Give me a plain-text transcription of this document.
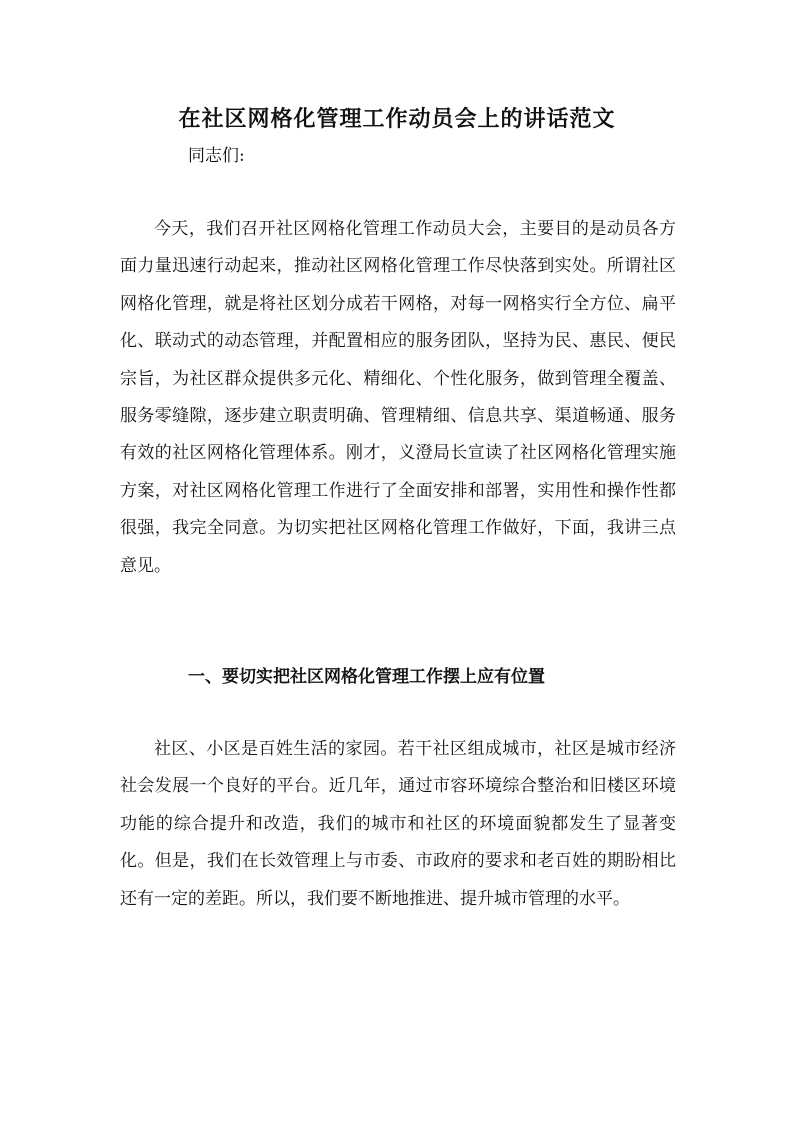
在社区网格化管理工作动员会上的讲话范文

同志们:

今天，我们召开社区网格化管理工作动员大会，主要目的是动员各方面力量迅速行动起来，推动社区网格化管理工作尽快落到实处。所谓社区网格化管理，就是将社区划分成若干网格，对每一网格实行全方位、扁平化、联动式的动态管理，并配置相应的服务团队，坚持为民、惠民、便民宗旨，为社区群众提供多元化、精细化、个性化服务，做到管理全覆盖、服务零缝隙，逐步建立职责明确、管理精细、信息共享、渠道畅通、服务有效的社区网格化管理体系。刚才，义澄局长宣读了社区网格化管理实施方案，对社区网格化管理工作进行了全面安排和部署，实用性和操作性都很强，我完全同意。为切实把社区网格化管理工作做好，下面，我讲三点意见。

一、要切实把社区网格化管理工作摆上应有位置

社区、小区是百姓生活的家园。若干社区组成城市，社区是城市经济社会发展一个良好的平台。近几年，通过市容环境综合整治和旧楼区环境功能的综合提升和改造，我们的城市和社区的环境面貌都发生了显著变化。但是，我们在长效管理上与市委、市政府的要求和老百姓的期盼相比还有一定的差距。所以，我们要不断地推进、提升城市管理的水平。
